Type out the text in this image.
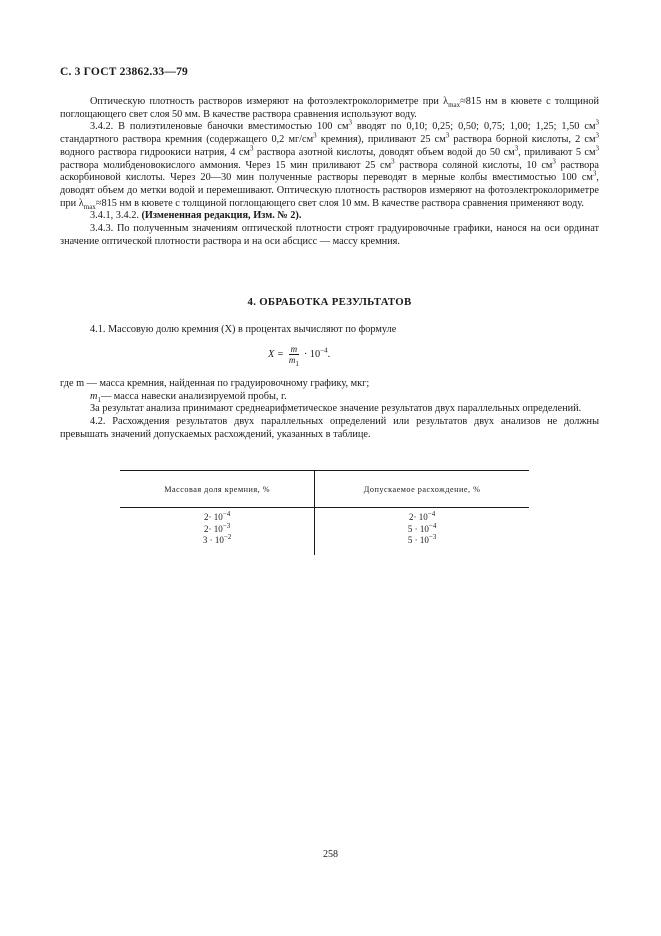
С. 3 ГОСТ 23862.33—79

Оптическую плотность растворов измеряют на фотоэлектроколориметре при $\lambda_{max}\approx 815$ нм в кювете с толщиной поглощающего свет слоя 50 мм. В качестве раствора сравнения используют воду.

3.4.2. В полиэтиленовые баночки вместимостью 100 $см^3$ вводят по 0,10; 0,25; 0,50; 0,75; 1,00; 1,25; 1,50 $см^3$ стандартного раствора кремния (содержащего 0,2 $мг/см^3$ кремния), приливают 25 $см^3$ раствора борной кислоты, 2 $см^3$ водного раствора гидроокиси натрия, 4 $см^3$ раствора азотной кислоты, доводят объем водой до 50 $см^3$, приливают 5 $см^3$ раствора молибденовокислого аммония. Через 15 мин приливают 25 $см^3$ раствора соляной кислоты, 10 $см^3$ раствора аскорбиновой кислоты. Через 20—30 мин полученные растворы переводят в мерные колбы вместимостью 100 $см^3$, доводят объем до метки водой и перемешивают. Оптическую плотность растворов измеряют на фотоэлектроколориметре при $\lambda_{max}\approx 815$ нм в кювете с толщиной поглощающего свет слоя 10 мм. В качестве раствора сравнения применяют воду.

3.4.1, 3.4.2. (Измененная редакция, Изм. № 2).

3.4.3. По полученным значениям оптической плотности строят градуировочные графики, нанося на оси ординат значение оптической плотности раствора и на оси абсцисс — массу кремния.

4. ОБРАБОТКА РЕЗУЛЬТАТОВ
4.1. Массовую долю кремния (X) в процентах вычисляют по формуле
$X = \frac{m}{m_1} \cdot 10^{-4}$ .

где m — масса кремния, найденная по градуировочному графику, мкг;

$m_1—$ масса навески анализируемой пробы, г.

За результат анализа принимают среднеарифметическое значение результатов двух параллельных определений.

4.2. Расхождения результатов двух параллельных определений или результатов двух анализов не должны превышать значений допускаемых расхождений, указанных в таблице.

Массовая доля кремния, %	Допускаемое расхождение, %
$2\cdot 10^{-4}$	$2\cdot 10^{-4}$
$2\cdot 10^{-3}$	$5 \cdot 10^{-4}$
$3 \cdot 10^{-2}$	$5 \cdot 10^{-3}$
258
